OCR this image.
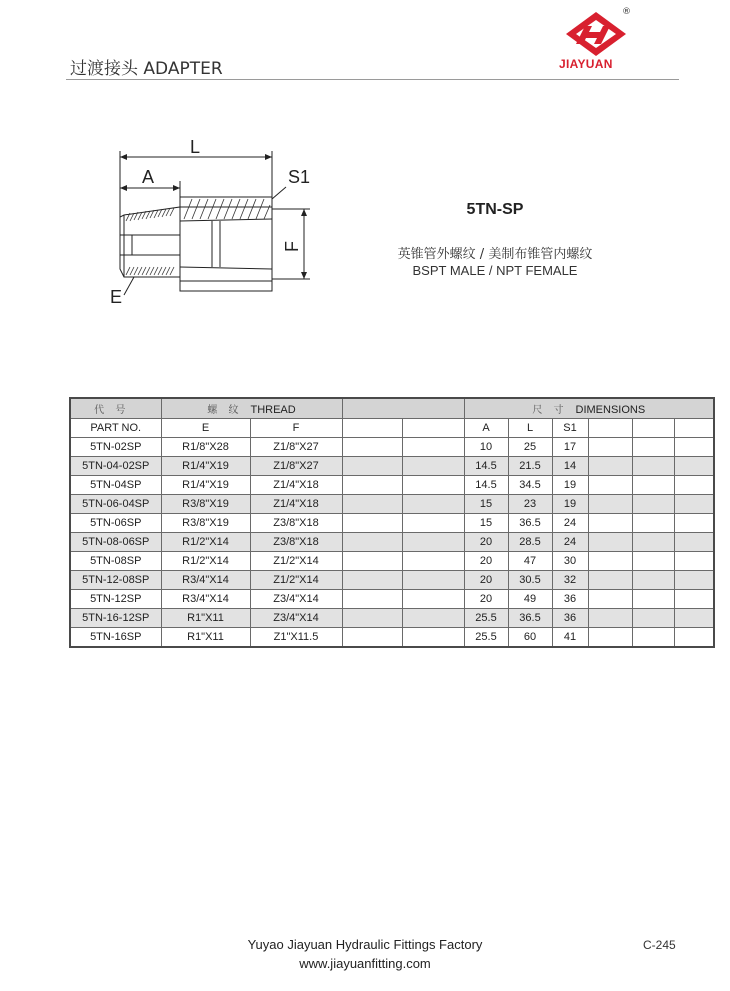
过渡接头 ADAPTER
®
JIAYUAN
L
A	S1
F
E
5TN-SP
英锥管外螺纹 / 美制布锥管内螺纹
BSPT MALE / NPT FEMALE
代 号	螺 纹 THREAD				尺 寸 DIMENSIONS					
PART NO.	E	F			A	L	S1			
5TN-02SP	R1/8"X28	Z1/8"X27			10	25	17			
5TN-04-02SP	R1/4"X19	Z1/8"X27			14.5	21.5	14			
5TN-04SP	R1/4"X19	Z1/4"X18			14.5	34.5	19			
5TN-06-04SP	R3/8"X19	Z1/4"X18			15	23	19			
5TN-06SP	R3/8"X19	Z3/8"X18			15	36.5	24			
5TN-08-06SP	R1/2"X14	Z3/8"X18			20	28.5	24			
5TN-08SP	R1/2"X14	Z1/2"X14			20	47	30			
5TN-12-08SP	R3/4"X14	Z1/2"X14			20	30.5	32			
5TN-12SP	R3/4"X14	Z3/4"X14			20	49	36			
5TN-16-12SP	R1"X11	Z3/4"X14			25.5	36.5	36			
5TN-16SP	R1"X11	Z1"X11.5			25.5	60	41			
Yuyao Jiayuan Hydraulic Fittings Factory
www.jiayuanfitting.com
C-245
